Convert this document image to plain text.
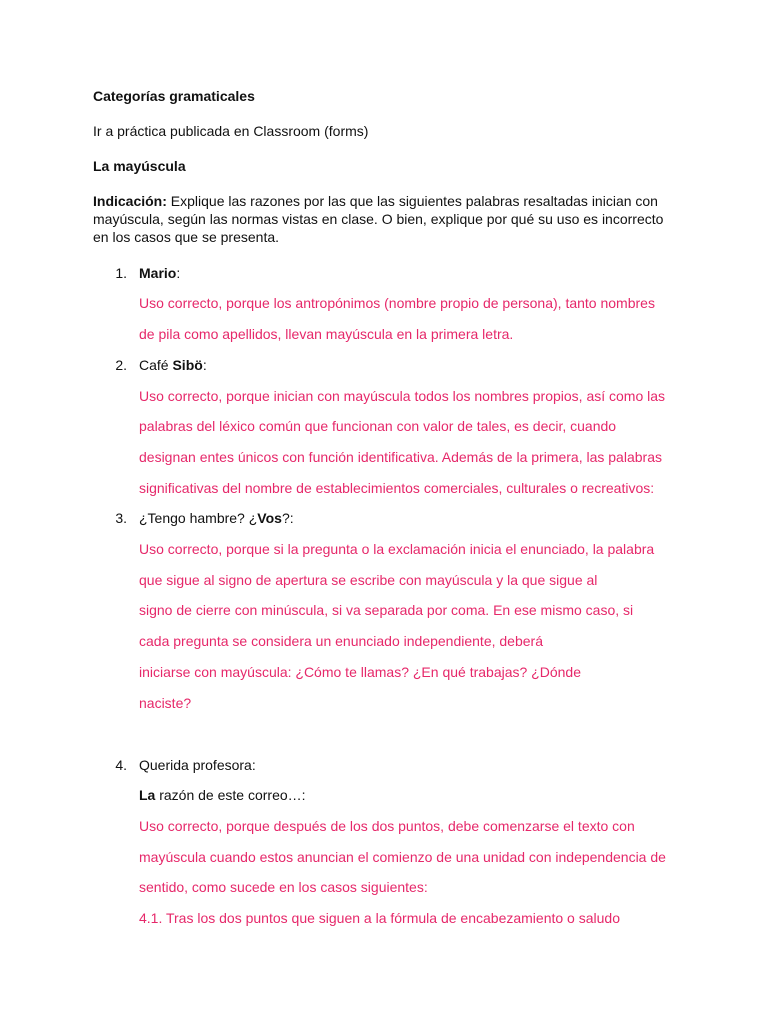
Categorías gramaticales
Ir a práctica publicada en Classroom (forms)
La mayúscula
Indicación: Explique las razones por las que las siguientes palabras resaltadas inician con
mayúscula, según las normas vistas en clase. O bien, explique por qué su uso es incorrecto
en los casos que se presenta.
1. Mario:
Uso correcto, porque los antropónimos (nombre propio de persona), tanto nombres
de pila como apellidos, llevan mayúscula en la primera letra.
2. Café Sibö:
Uso correcto, porque inician con mayúscula todos los nombres propios, así como las
palabras del léxico común que funcionan con valor de tales, es decir, cuando
designan entes únicos con función identificativa. Además de la primera, las palabras
significativas del nombre de establecimientos comerciales, culturales o recreativos:
3. ¿Tengo hambre? ¿Vos?:
Uso correcto, porque si la pregunta o la exclamación inicia el enunciado, la palabra
que sigue al signo de apertura se escribe con mayúscula y la que sigue al
signo de cierre con minúscula, si va separada por coma. En ese mismo caso, si
cada pregunta se considera un enunciado independiente, deberá
iniciarse con mayúscula: ¿Cómo te llamas? ¿En qué trabajas? ¿Dónde
naciste?
4. Querida profesora:
La razón de este correo…:
Uso correcto, porque después de los dos puntos, debe comenzarse el texto con
mayúscula cuando estos anuncian el comienzo de una unidad con independencia de
sentido, como sucede en los casos siguientes:
4.1. Tras los dos puntos que siguen a la fórmula de encabezamiento o saludo
